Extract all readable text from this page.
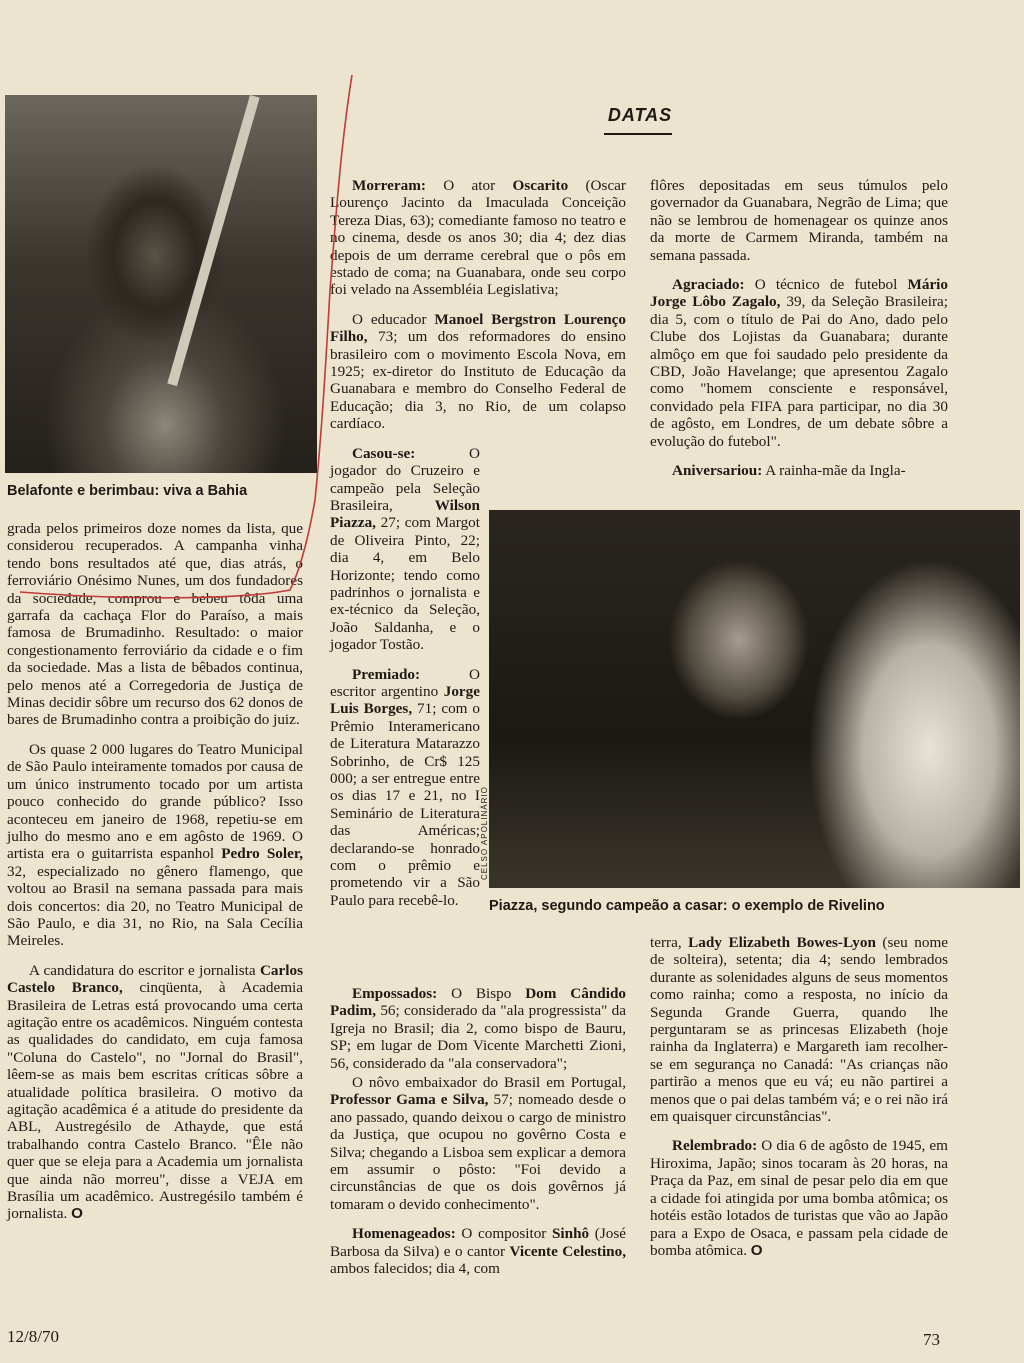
DATAS
TRIBUNA DA BAHIA
Belafonte e berimbau: viva a Bahia
CELSO APOLINÁRIO
Piazza, segundo campeão a casar: o exemplo de Rivelino

grada pelos primeiros doze nomes da lista, que considerou recuperados. A campanha vinha tendo bons resultados até que, dias atrás, o ferroviário Onésimo Nunes, um dos fundadores da sociedade, comprou e bebeu tôda uma garrafa da cachaça Flor do Paraíso, a mais famosa de Brumadinho. Resultado: o maior congestionamento ferroviário da cidade e o fim da sociedade. Mas a lista de bêbados continua, pelo menos até a Corregedoria de Justiça de Minas decidir sôbre um recurso dos 62 donos de bares de Brumadinho contra a proibição do juiz.

Os quase 2 000 lugares do Teatro Municipal de São Paulo inteiramente tomados por causa de um único instrumento tocado por um artista pouco conhecido do grande público? Isso aconteceu em janeiro de 1968, repetiu-se em julho do mesmo ano e em agôsto de 1969. O artista era o guitarrista espanhol Pedro Soler, 32, especializado no gênero flamengo, que voltou ao Brasil na semana passada para mais dois concertos: dia 20, no Teatro Municipal de São Paulo, e dia 31, no Rio, na Sala Cecília Meireles.

A candidatura do escritor e jornalista Carlos Castelo Branco, cinqüenta, à Academia Brasileira de Letras está provocando uma certa agitação entre os acadêmicos. Ninguém contesta as qualidades do candidato, em cuja famosa "Coluna do Castelo", no "Jornal do Brasil", lêem-se as mais bem escritas críticas sôbre a atualidade política brasileira. O motivo da agitação acadêmica é a atitude do presidente da ABL, Austregésilo de Athayde, que está trabalhando contra Castelo Branco. "Êle não quer que se eleja para a Academia um jornalista que ainda não morreu", disse a VEJA em Brasília um acadêmico. Austregésilo também é jornalista. O

Morreram: O ator Oscarito (Oscar Lourenço Jacinto da Imaculada Conceição Tereza Dias, 63); comediante famoso no teatro e no cinema, desde os anos 30; dia 4; dez dias depois de um derrame cerebral que o pôs em estado de coma; na Guanabara, onde seu corpo foi velado na Assembléia Legislativa;

O educador Manoel Bergstron Lourenço Filho, 73; um dos reformadores do ensino brasileiro com o movimento Escola Nova, em 1925; ex-diretor do Instituto de Educação da Guanabara e membro do Conselho Federal de Educação; dia 3, no Rio, de um colapso cardíaco.

Casou-se: O jogador do Cruzeiro e campeão pela Seleção Brasileira, Wilson Piazza, 27; com Margot de Oliveira Pinto, 22; dia 4, em Belo Horizonte; tendo como padrinhos o jornalista e ex-técnico da Seleção, João Saldanha, e o jogador Tostão.

Premiado: O escritor argentino Jorge Luis Borges, 71; com o Prêmio Interamericano de Literatura Matarazzo Sobrinho, de Cr$ 125 000; a ser entregue entre os dias 17 e 21, no I Seminário de Literatura das Américas; declarando-se honrado com o prêmio e prometendo vir a São Paulo para recebê-lo.

Empossados: O Bispo Dom Cândido Padim, 56; considerado da "ala progressista" da Igreja no Brasil; dia 2, como bispo de Bauru, SP; em lugar de Dom Vicente Marchetti Zioni, 56, considerado da "ala conservadora";

O nôvo embaixador do Brasil em Portugal, Professor Gama e Silva, 57; nomeado desde o ano passado, quando deixou o cargo de ministro da Justiça, que ocupou no govêrno Costa e Silva; chegando a Lisboa sem explicar a demora em assumir o pôsto: "Foi devido a circunstâncias de que os dois govêrnos já tomaram o devido conhecimento".

Homenageados: O compositor Sinhô (José Barbosa da Silva) e o cantor Vicente Celestino, ambos falecidos; dia 4, com

flôres depositadas em seus túmulos pelo governador da Guanabara, Negrão de Lima; que não se lembrou de homenagear os quinze anos da morte de Carmem Miranda, também na semana passada.

Agraciado: O técnico de futebol Mário Jorge Lôbo Zagalo, 39, da Seleção Brasileira; dia 5, com o título de Pai do Ano, dado pelo Clube dos Lojistas da Guanabara; durante almôço em que foi saudado pelo presidente da CBD, João Havelange; que apresentou Zagalo como "homem consciente e responsável, convidado pela FIFA para participar, no dia 30 de agôsto, em Londres, de um debate sôbre a evolução do futebol".

Aniversariou: A rainha-mãe da Ingla-

terra, Lady Elizabeth Bowes-Lyon (seu nome de solteira), setenta; dia 4; sendo lembrados durante as solenidades alguns de seus momentos como rainha; como a resposta, no início da Segunda Grande Guerra, quando lhe perguntaram se as princesas Elizabeth (hoje rainha da Inglaterra) e Margareth iam recolher-se em segurança no Canadá: "As crianças não partirão a menos que eu vá; eu não partirei a menos que o pai delas também vá; e o rei não irá em quaisquer circunstâncias".

Relembrado: O dia 6 de agôsto de 1945, em Hiroxima, Japão; sinos tocaram às 20 horas, na Praça da Paz, em sinal de pesar pelo dia em que a cidade foi atingida por uma bomba atômica; os hotéis estão lotados de turistas que vão ao Japão para a Expo de Osaca, e passam pela cidade de bomba atômica. O

12/8/70	73
